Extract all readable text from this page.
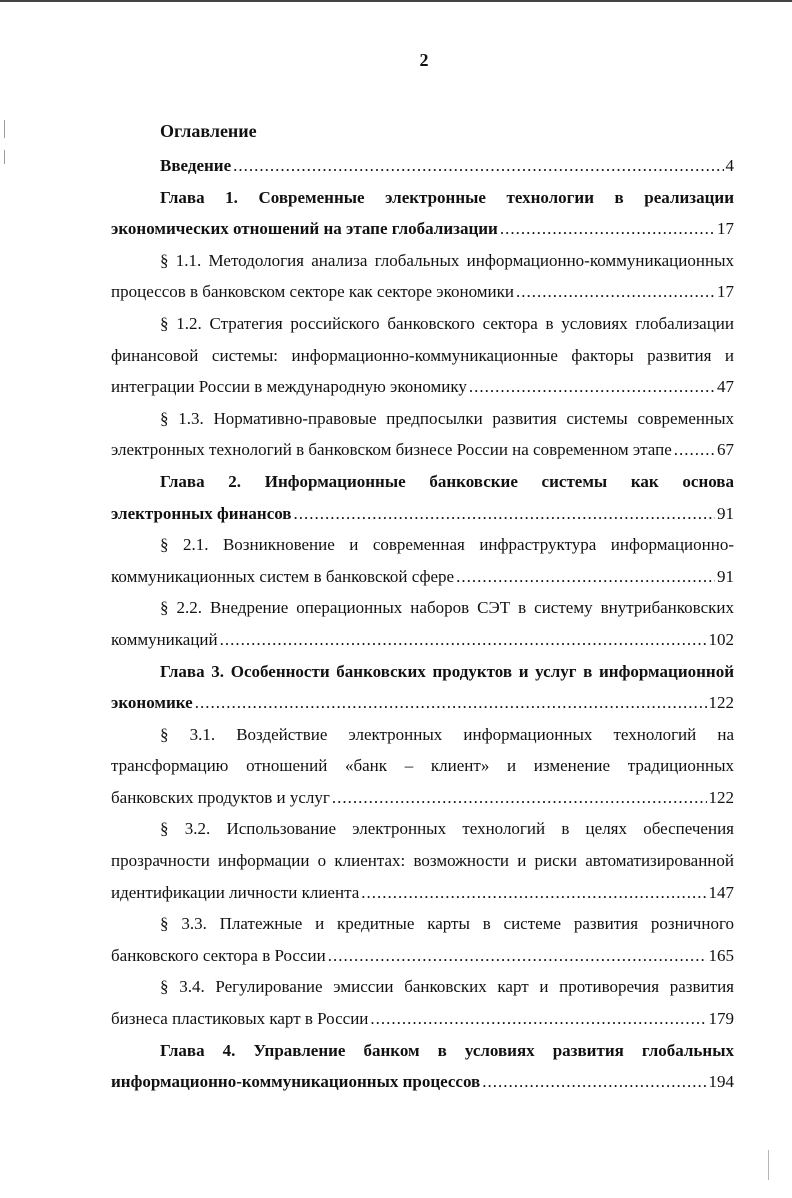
2
Оглавление
Введение .....	4
Глава 1. Современные электронные технологии в реализации
экономических отношений на этапе глобализации .....	17
§ 1.1. Методология анализа глобальных информационно-коммуникационных
процессов в банковском секторе как секторе экономики .....	17
§ 1.2. Стратегия российского банковского сектора в условиях глобализации
финансовой системы: информационно-коммуникационные факторы развития и
интеграции России в международную экономику .....	47
§ 1.3. Нормативно-правовые предпосылки развития системы современных
электронных технологий в банковском бизнесе России на современном этапе .....	67
Глава 2. Информационные банковские системы как основа
электронных финансов .....	91
§ 2.1. Возникновение и современная инфраструктура информационно-
коммуникационных систем в банковской сфере .....	91
§ 2.2. Внедрение операционных наборов СЭТ в систему внутрибанковских
коммуникаций .....	102
Глава 3. Особенности банковских продуктов и услуг в информационной
экономике .....	122
§ 3.1. Воздействие электронных информационных технологий на
трансформацию отношений «банк – клиент» и изменение традиционных
банковских продуктов и услуг .....	122
§ 3.2. Использование электронных технологий в целях обеспечения
прозрачности информации о клиентах: возможности и риски автоматизированной
идентификации личности клиента .....	147
§ 3.3. Платежные и кредитные карты в системе развития розничного
банковского сектора в России .....	165
§ 3.4. Регулирование эмиссии банковских карт и противоречия развития
бизнеса пластиковых карт в России .....	179
Глава 4. Управление банком в условиях развития глобальных
информационно-коммуникационных процессов .....	194
